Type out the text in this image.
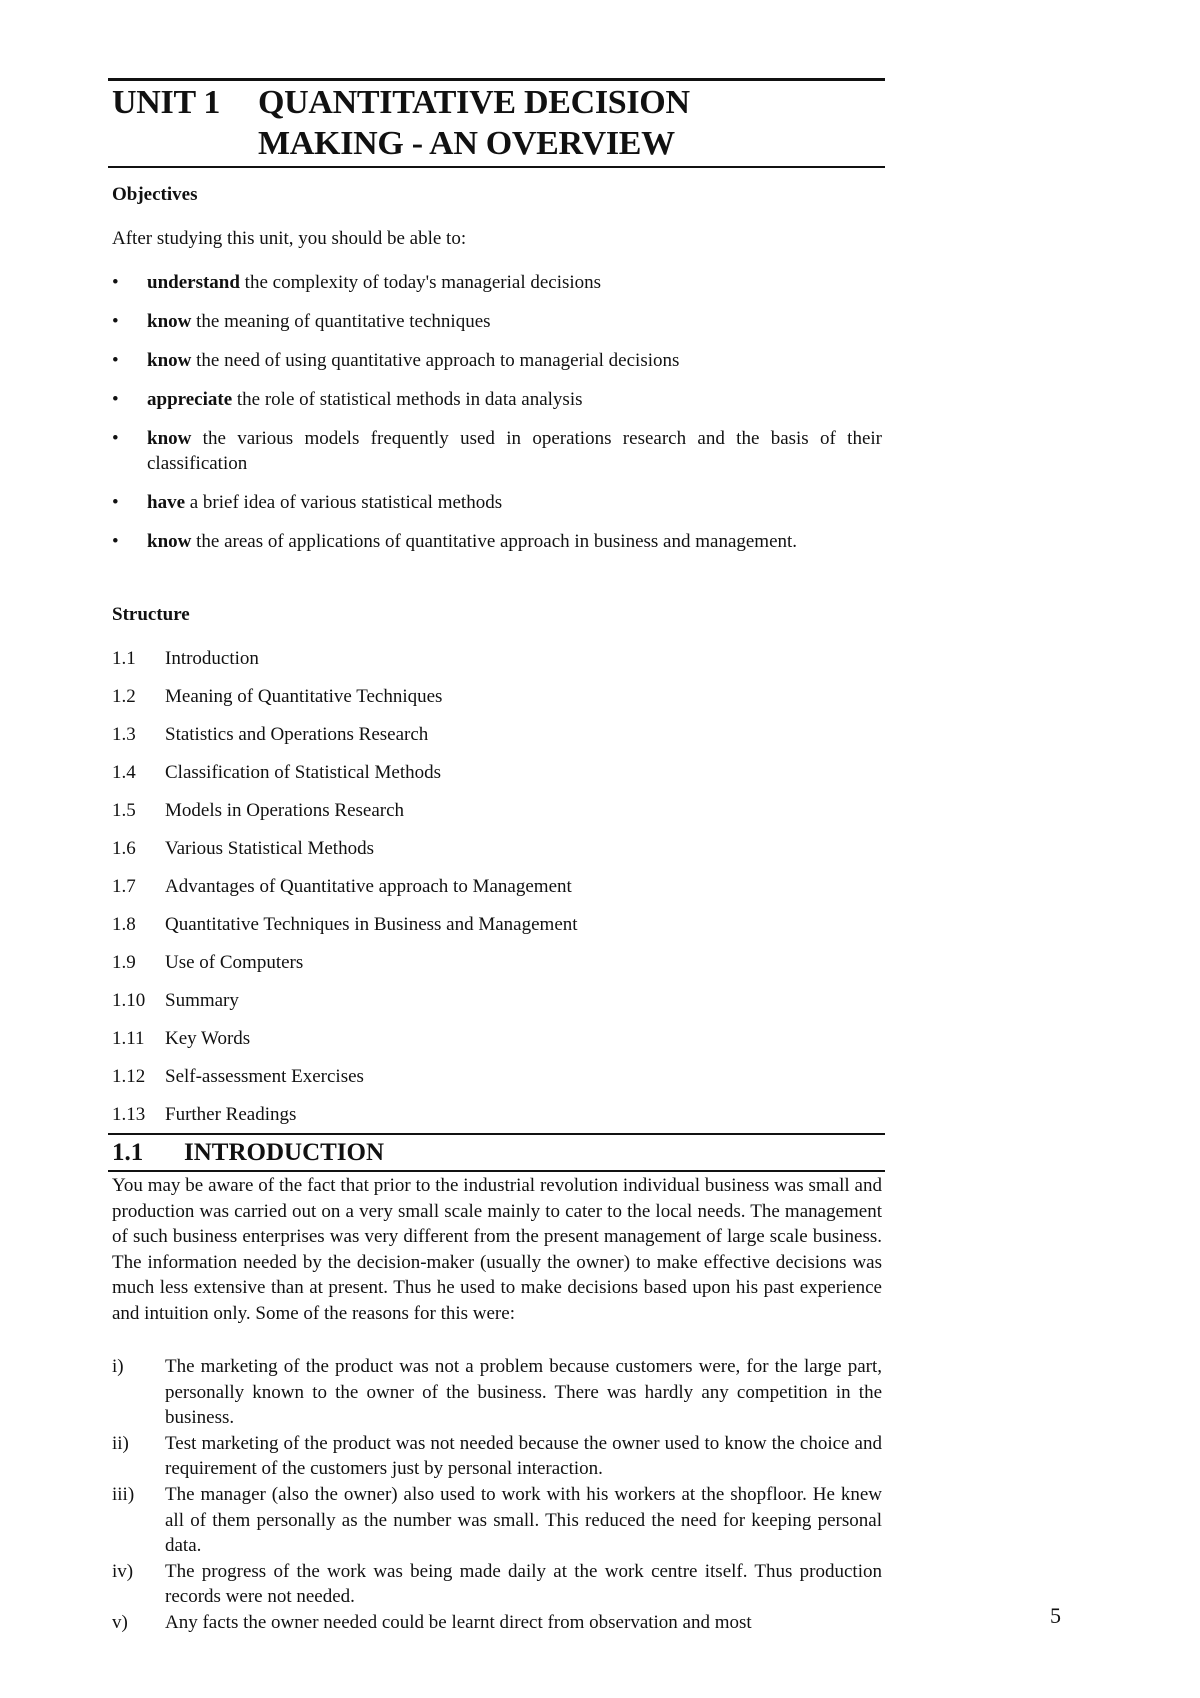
UNIT 1 QUANTITATIVE DECISION
MAKING - AN OVERVIEW
Objectives
After studying this unit, you should be able to:
• understand the complexity of today's managerial decisions
• know the meaning of quantitative techniques
• know the need of using quantitative approach to managerial decisions
• appreciate the role of statistical methods in data analysis
• know the various models frequently used in operations research and the basis of their classification
• have a brief idea of various statistical methods
• know the areas of applications of quantitative approach in business and management.
Structure
1.1 Introduction
1.2 Meaning of Quantitative Techniques
1.3 Statistics and Operations Research
1.4 Classification of Statistical Methods
1.5 Models in Operations Research
1.6 Various Statistical Methods
1.7 Advantages of Quantitative approach to Management
1.8 Quantitative Techniques in Business and Management
1.9 Use of Computers
1.10 Summary
1.11 Key Words
1.12 Self-assessment Exercises
1.13 Further Readings
1.1 INTRODUCTION

You may be aware of the fact that prior to the industrial revolution individual business was small and production was carried out on a very small scale mainly to cater to the local needs. The management of such business enterprises was very different from the present management of large scale business. The information needed by the decision-maker (usually the owner) to make effective decisions was much less extensive than at present. Thus he used to make decisions based upon his past experience and intuition only. Some of the reasons for this were:

i) The marketing of the product was not a problem because customers were, for the large part, personally known to the owner of the business. There was hardly any competition in the business.
ii) Test marketing of the product was not needed because the owner used to know the choice and requirement of the customers just by personal interaction.
iii) The manager (also the owner) also used to work with his workers at the shopfloor. He knew all of them personally as the number was small. This reduced the need for keeping personal data.
iv) The progress of the work was being made daily at the work centre itself. Thus production records were not needed.
v) Any facts the owner needed could be learnt direct from observation and most	5
